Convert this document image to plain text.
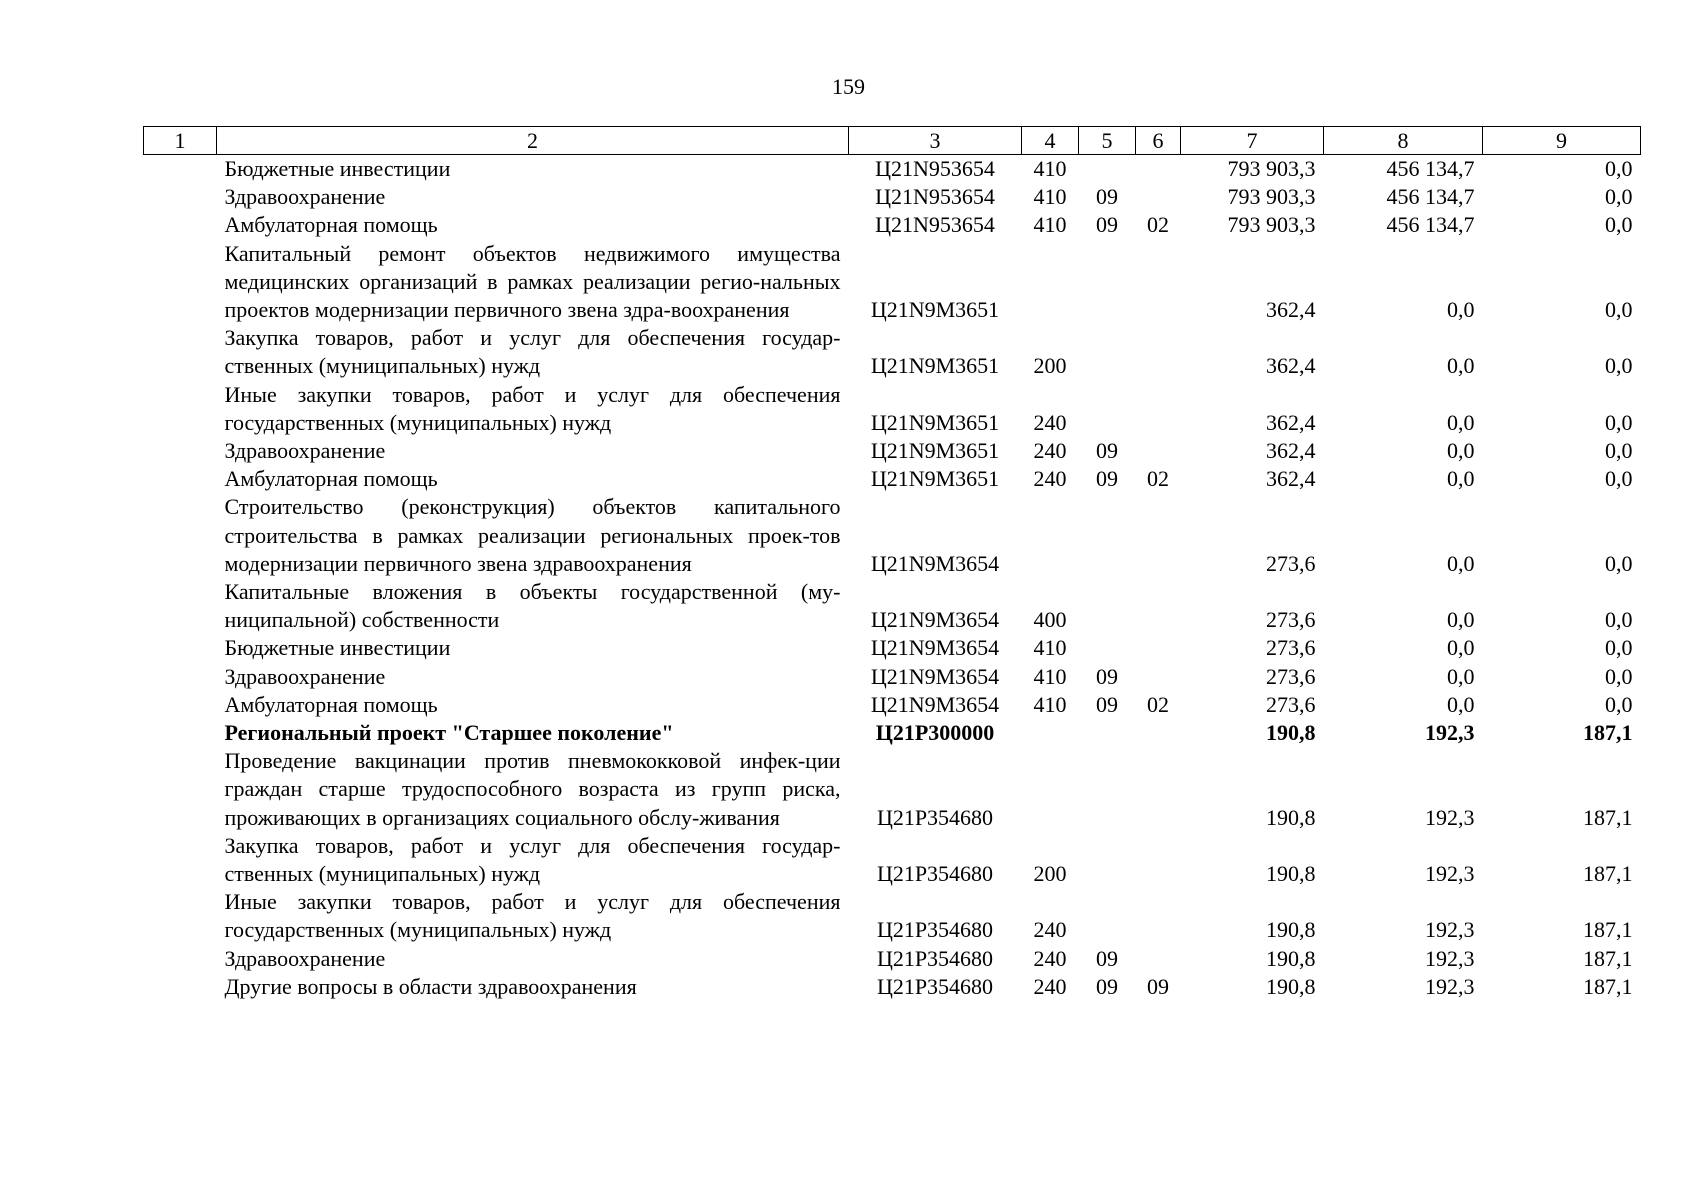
159
1	2	3	4	5	6	7	8	9
	Бюджетные инвестиции	Ц21N953654	410			793 903,3	456 134,7	0,0
	Здравоохранение	Ц21N953654	410	09		793 903,3	456 134,7	0,0
	Амбулаторная помощь	Ц21N953654	410	09	02	793 903,3	456 134,7	0,0
	Капитальный ремонт объектов недвижимого имущества медицинских организаций в рамках реализации регио-нальных проектов модернизации первичного звена здра-воохранения	Ц21N9M3651				362,4	0,0	0,0
	Закупка товаров, работ и услуг для обеспечения государ-ственных (муниципальных) нужд	Ц21N9M3651	200			362,4	0,0	0,0
	Иные закупки товаров, работ и услуг для обеспечения государственных (муниципальных) нужд	Ц21N9M3651	240			362,4	0,0	0,0
	Здравоохранение	Ц21N9M3651	240	09		362,4	0,0	0,0
	Амбулаторная помощь	Ц21N9M3651	240	09	02	362,4	0,0	0,0
	Строительство (реконструкция) объектов капитального строительства в рамках реализации региональных проек-тов модернизации первичного звена здравоохранения	Ц21N9M3654				273,6	0,0	0,0
	Капитальные вложения в объекты государственной (му-ниципальной) собственности	Ц21N9M3654	400			273,6	0,0	0,0
	Бюджетные инвестиции	Ц21N9M3654	410			273,6	0,0	0,0
	Здравоохранение	Ц21N9M3654	410	09		273,6	0,0	0,0
	Амбулаторная помощь	Ц21N9M3654	410	09	02	273,6	0,0	0,0
	Региональный проект "Старшее поколение"	Ц21P300000				190,8	192,3	187,1
	Проведение вакцинации против пневмококковой инфек-ции граждан старше трудоспособного возраста из групп риска, проживающих в организациях социального обслу-живания	Ц21P354680				190,8	192,3	187,1
	Закупка товаров, работ и услуг для обеспечения государ-ственных (муниципальных) нужд	Ц21P354680	200			190,8	192,3	187,1
	Иные закупки товаров, работ и услуг для обеспечения государственных (муниципальных) нужд	Ц21P354680	240			190,8	192,3	187,1
	Здравоохранение	Ц21P354680	240	09		190,8	192,3	187,1
	Другие вопросы в области здравоохранения	Ц21P354680	240	09	09	190,8	192,3	187,1
